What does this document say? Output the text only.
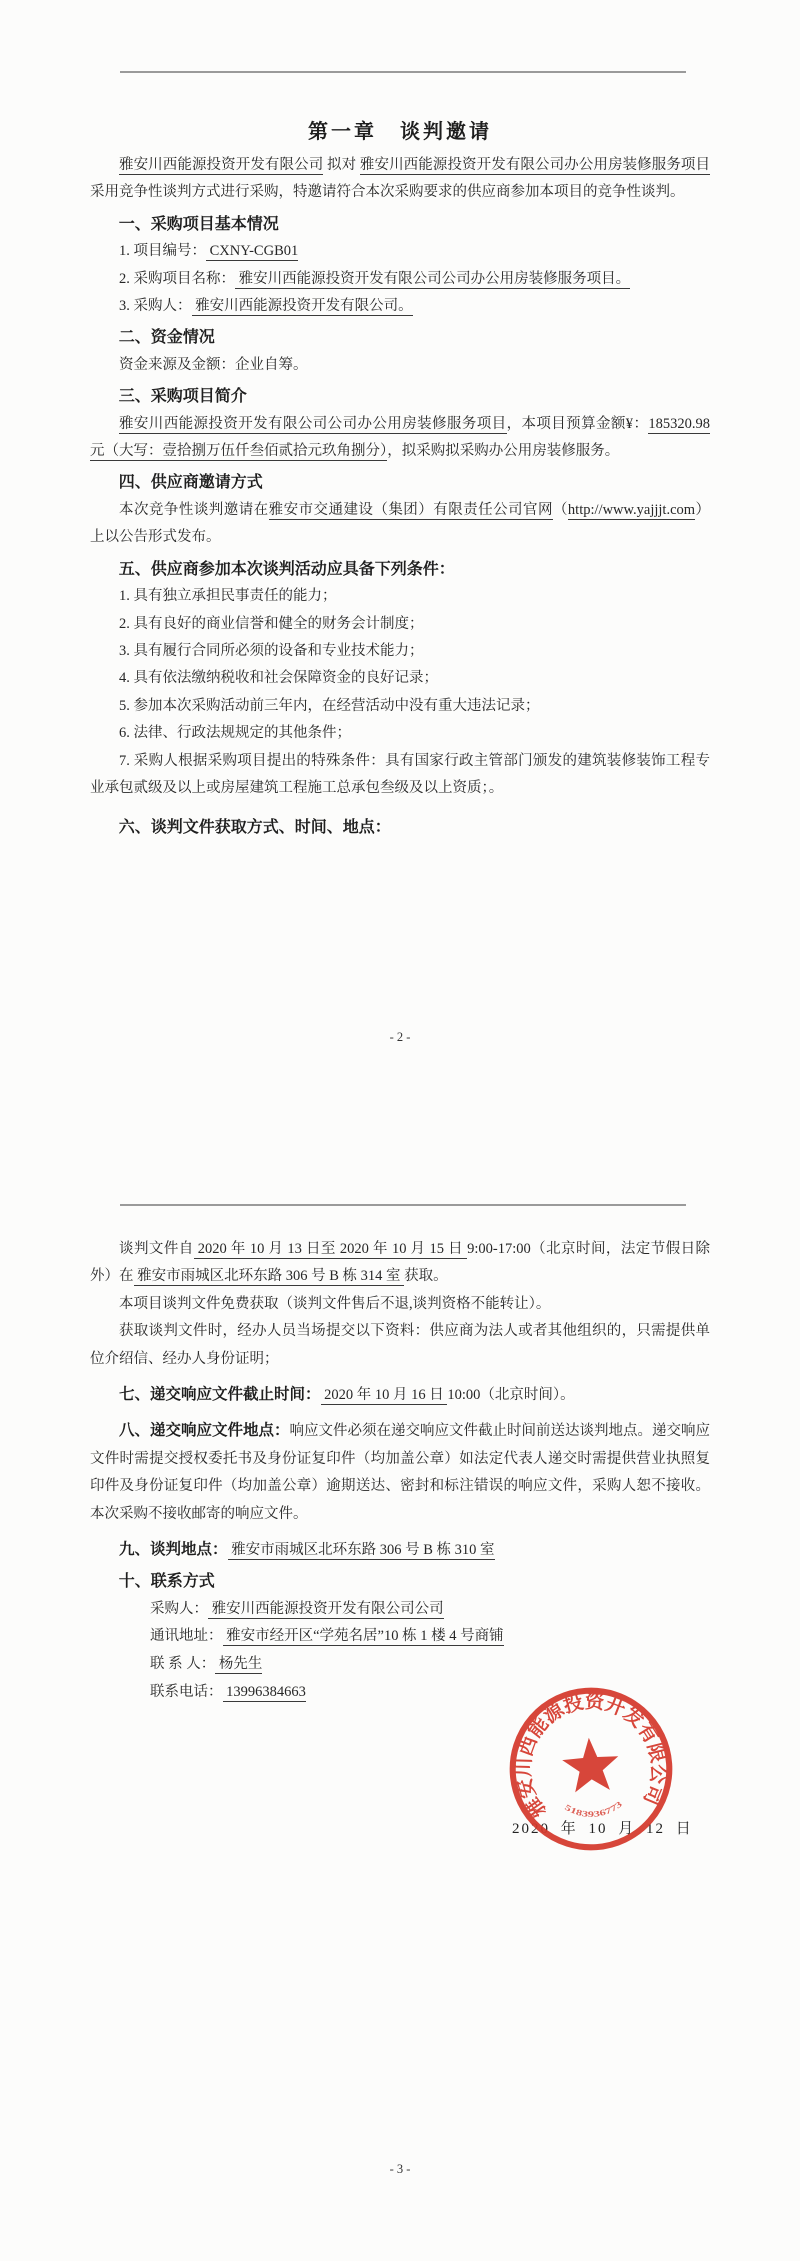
第一章　谈判邀请

雅安川西能源投资开发有限公司 拟对 雅安川西能源投资开发有限公司办公用房装修服务项目 采用竞争性谈判方式进行采购，特邀请符合本次采购要求的供应商参加本项目的竞争性谈判。

一、采购项目基本情况

1. 项目编号： CXNY-CGB01

2. 采购项目名称： 雅安川西能源投资开发有限公司公司办公用房装修服务项目。

3. 采购人： 雅安川西能源投资开发有限公司。

二、资金情况

资金来源及金额：企业自筹。

三、采购项目简介

雅安川西能源投资开发有限公司公司办公用房装修服务项目，本项目预算金额¥：185320.98 元（大写：壹拾捌万伍仟叁佰贰拾元玖角捌分），拟采购拟采购办公用房装修服务。

四、供应商邀请方式

本次竞争性谈判邀请在雅安市交通建设（集团）有限责任公司官网（http://www.yajjjt.com）上以公告形式发布。

五、供应商参加本次谈判活动应具备下列条件：

1. 具有独立承担民事责任的能力；

2. 具有良好的商业信誉和健全的财务会计制度；

3. 具有履行合同所必须的设备和专业技术能力；

4. 具有依法缴纳税收和社会保障资金的良好记录；

5. 参加本次采购活动前三年内，在经营活动中没有重大违法记录；

6. 法律、行政法规规定的其他条件；

7. 采购人根据采购项目提出的特殊条件：具有国家行政主管部门颁发的建筑装修装饰工程专业承包贰级及以上或房屋建筑工程施工总承包叁级及以上资质；。

六、谈判文件获取方式、时间、地点：

- 2 -

谈判文件自 2020 年 10 月 13 日至 2020 年 10 月 15 日 9:00-17:00（北京时间，法定节假日除外）在 雅安市雨城区北环东路 306 号 B 栋 314 室 获取。

本项目谈判文件免费获取（谈判文件售后不退,谈判资格不能转让）。

获取谈判文件时，经办人员当场提交以下资料：供应商为法人或者其他组织的，只需提供单位介绍信、经办人身份证明；

七、递交响应文件截止时间： 2020 年 10 月 16 日 10:00（北京时间）。

八、递交响应文件地点：响应文件必须在递交响应文件截止时间前送达谈判地点。递交响应文件时需提交授权委托书及身份证复印件（均加盖公章）如法定代表人递交时需提供营业执照复印件及身份证复印件（均加盖公章）逾期送达、密封和标注错误的响应文件，采购人恕不接收。本次采购不接收邮寄的响应文件。

九、谈判地点： 雅安市雨城区北环东路 306 号 B 栋 310 室

十、联系方式

采购人： 雅安川西能源投资开发有限公司公司
通讯地址： 雅安市经开区“学苑名居”10 栋 1 楼 4 号商铺
联 系 人： 杨先生
联系电话： 13996384663
2020 年 10 月 12 日
雅安川西能源投资开发有限公司
5183936773
- 3 -
